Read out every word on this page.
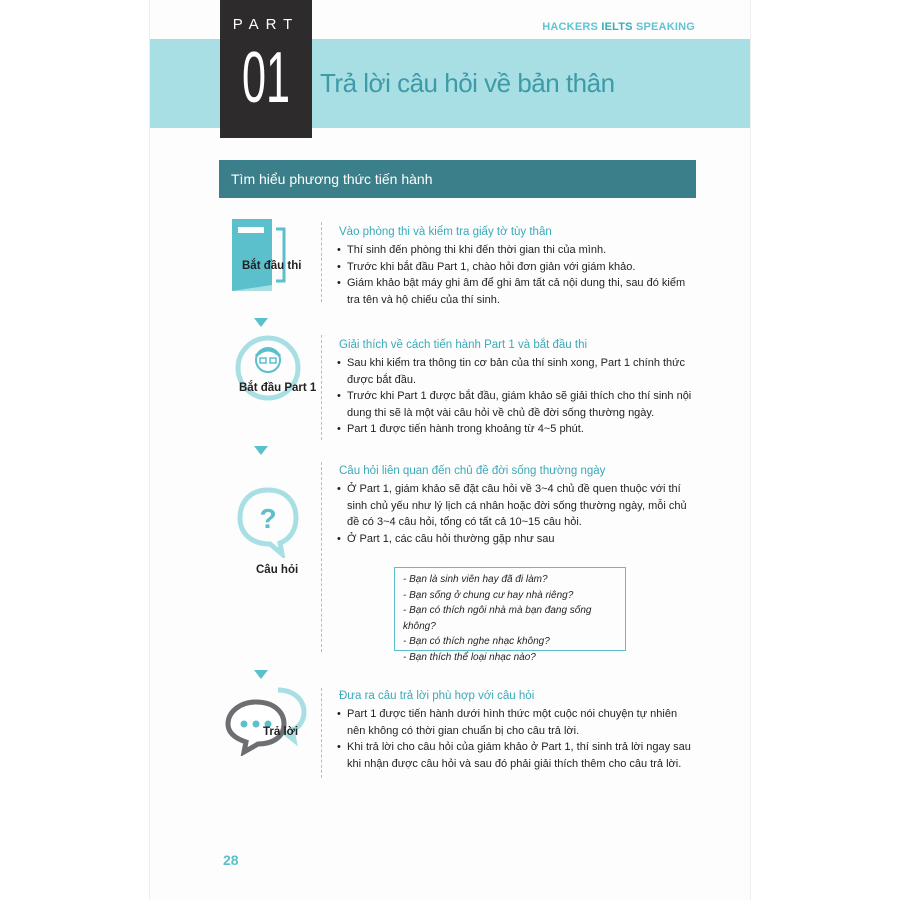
HACKERS IELTS SPEAKING
PART
01 Trả lời câu hỏi về bản thân
Tìm hiểu phương thức tiến hành
Bắt đầu thi
Vào phòng thi và kiểm tra giấy tờ tùy thân
• Thí sinh đến phòng thi khi đến thời gian thi của mình.
• Trước khi bắt đầu Part 1, chào hỏi đơn giản với giám khảo.
• Giám khảo bật máy ghi âm để ghi âm tất cả nội dung thi, sau đó kiểm tra tên và hộ chiếu của thí sinh.
Bắt đầu Part 1
Giải thích về cách tiến hành Part 1 và bắt đầu thi
• Sau khi kiểm tra thông tin cơ bản của thí sinh xong, Part 1 chính thức được bắt đầu.
• Trước khi Part 1 được bắt đầu, giám khảo sẽ giải thích cho thí sinh nội dung thi sẽ là một vài câu hỏi về chủ đề đời sống thường ngày.
• Part 1 được tiến hành trong khoảng từ 4~5 phút.
?
Câu hỏi
Câu hỏi liên quan đến chủ đề đời sống thường ngày
• Ở Part 1, giám khảo sẽ đặt câu hỏi về 3~4 chủ đề quen thuộc với thí sinh chủ yếu như lý lịch cá nhân hoặc đời sống thường ngày, mỗi chủ đề có 3~4 câu hỏi, tổng có tất cả 10~15 câu hỏi.
• Ở Part 1, các câu hỏi thường gặp như sau
- Bạn là sinh viên hay đã đi làm?
- Bạn sống ở chung cư hay nhà riêng?
- Bạn có thích ngôi nhà mà bạn đang sống không?
- Bạn có thích nghe nhạc không?
- Bạn thích thể loại nhạc nào?
Trả lời
Đưa ra câu trả lời phù hợp với câu hỏi
• Part 1 được tiến hành dưới hình thức một cuộc nói chuyện tự nhiên nên không có thời gian chuẩn bị cho câu trả lời.
• Khi trả lời cho câu hỏi của giám khảo ở Part 1, thí sinh trả lời ngay sau khi nhận được câu hỏi và sau đó phải giải thích thêm cho câu trả lời.
28
